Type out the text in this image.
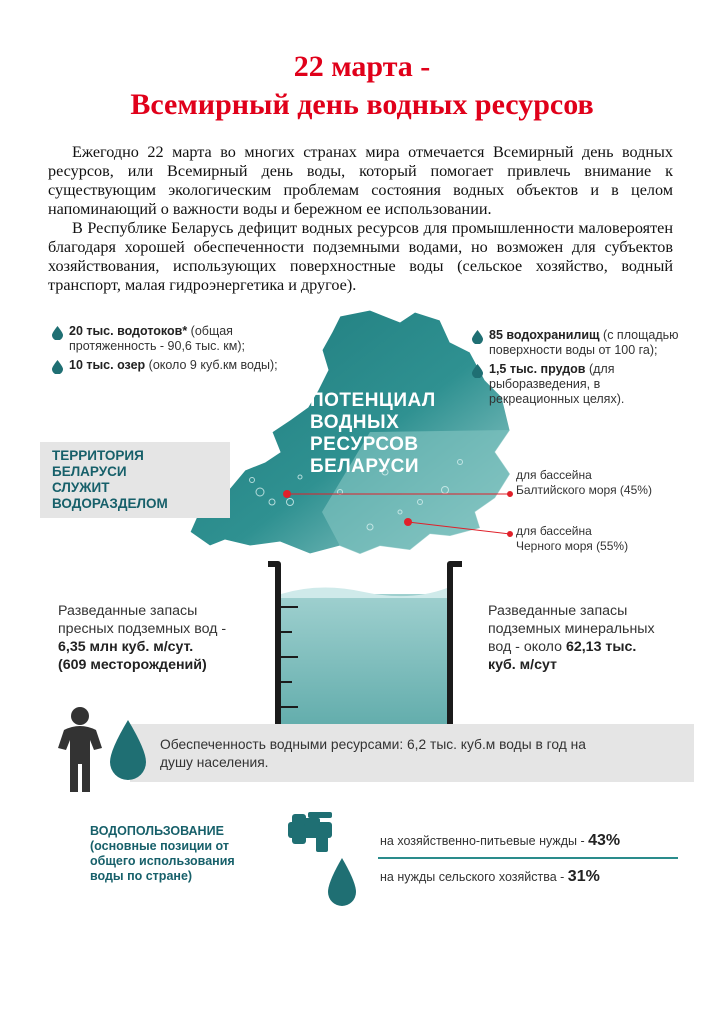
22 марта -
Всемирный день водных ресурсов

Ежегодно 22 марта во многих странах мира отмечается Всемирный день водных ресурсов, или Всемирный день воды, который помогает привлечь внимание к существующим экологическим проблемам состояния водных объектов и в целом напоминающий о важности воды и бережном ее использовании.

В Республике Беларусь дефицит водных ресурсов для промышленности маловероятен благодаря хорошей обеспеченности подземными водами, но возможен для субъектов хозяйствования, использующих поверхностные воды (сельское хозяйство, водный транспорт, малая гидроэнергетика и другое).

20 тыс. водотоков* (общая протяженность - 90,6 тыс. км);
10 тыс. озер (около 9 куб.км воды);
85 водохранилищ (с площадью поверхности воды от 100 га);
1,5 тыс. прудов (для рыборазведения, в рекреационных целях).
ТЕРРИТОРИЯ
БЕЛАРУСИ
СЛУЖИТ
ВОДОРАЗДЕЛОМ
ПОТЕНЦИАЛ
ВОДНЫХ
РЕСУРСОВ
БЕЛАРУСИ	для бассейна
Балтийского моря (45%)
для бассейна
Черного моря (55%)
Разведанные запасы
пресных подземных вод -
6,35 млн куб. м/сут.
(609 месторождений)
Разведанные запасы
подземных минеральных
вод - около 62,13 тыс.
куб. м/сут
Обеспеченность водными ресурсами: 6,2 тыс. куб.м воды в год на
душу населения.
ВОДОПОЛЬЗОВАНИЕ
(основные позиции от
общего использования
воды по стране)
на хозяйственно-питьевые нужды - 43%
на нужды сельского хозяйства - 31%
